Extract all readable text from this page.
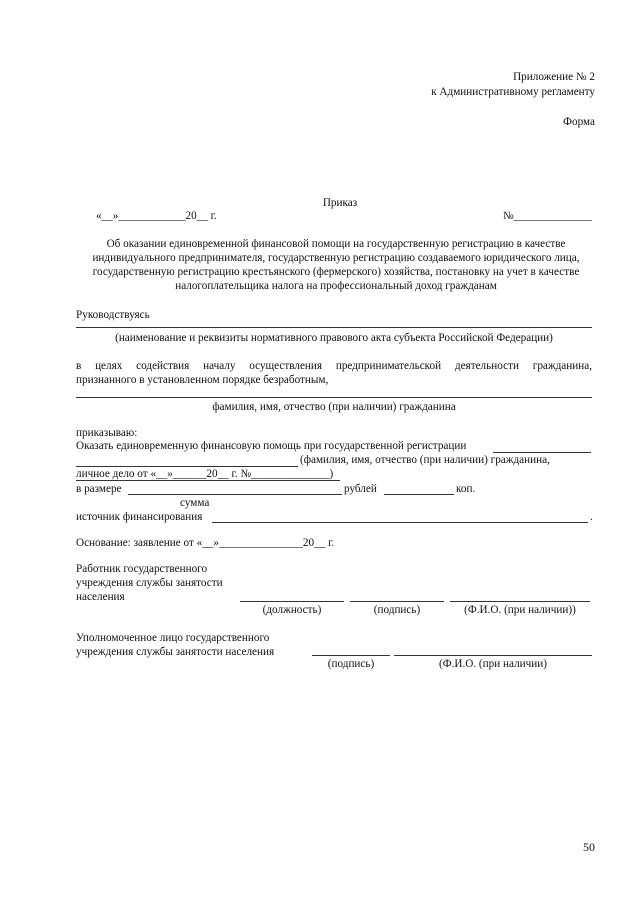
Приложение № 2
к Административному регламенту
Форма
Приказ
«__»____________20__ г.	№______________
Об оказании единовременной финансовой помощи на государственную регистрацию в качестве
индивидуального предпринимателя, государственную регистрацию создаваемого юридического лица,
государственную регистрацию крестьянского (фермерского) хозяйства, постановку на учет в качестве
налогоплательщика налога на профессиональный доход гражданам
Руководствуясь
(наименование и реквизиты нормативного правового акта субъекта Российской Федерации)
в целях содействия началу осуществления предпринимательской деятельности гражданина,
признанного в установленном порядке безработным,
фамилия, имя, отчество (при наличии) гражданина
приказываю:
Оказать единовременную финансовую помощь при государственной регистрации
(фамилия, имя, отчество (при наличии) гражданина,
личное дело от «__»______20__ г. №______________)
в размере	рублей	коп.
сумма
источник финансирования	.
Основание: заявление от «__»_______________20__ г.
Работник государственного
учреждения службы занятости
населения
(должность)	(подпись)	(Ф.И.О. (при наличии))
Уполномоченное лицо государственного
учреждения службы занятости населения
(подпись)	(Ф.И.О. (при наличии)
50
